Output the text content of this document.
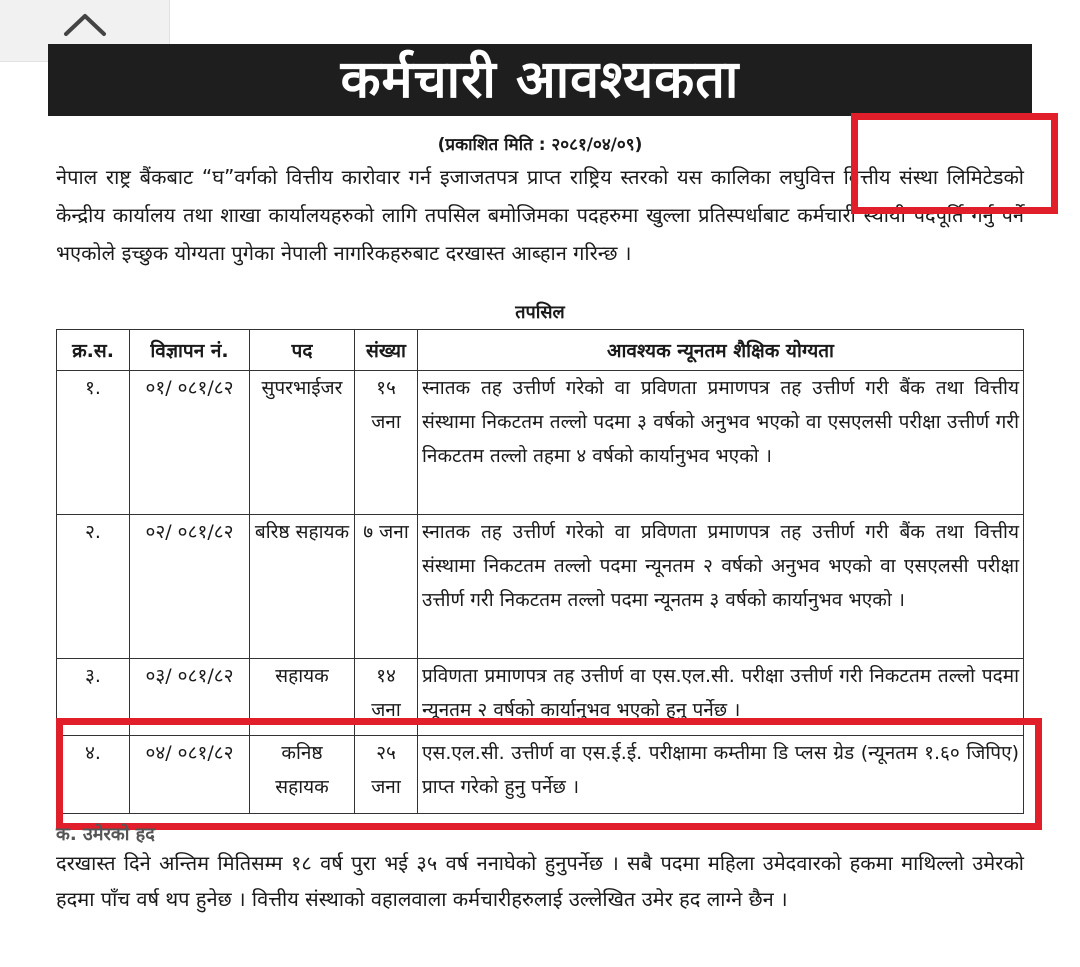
कर्मचारी आवश्यकता
(प्रकाशित मिति : २०८१/०४/०९)

नेपाल राष्ट्र बैंकबाट “घ”वर्गको वित्तीय कारोवार गर्न इजाजतपत्र प्राप्त राष्ट्रिय स्तरको यस कालिका लघुवित्त वित्तीय संस्था लिमिटेडको केन्द्रीय कार्यालय तथा शाखा कार्यालयहरुको लागि तपसिल बमोजिमका पदहरुमा खुल्ला प्रतिस्पर्धाबाट कर्मचारी स्थायी पदपूर्ति गर्नु पर्ने भएकोले इच्छुक योग्यता पुगेका नेपाली नागरिकहरुबाट दरखास्त आब्हान गरिन्छ ।

तपसिल
क्र.स.	विज्ञापन नं.	पद	संख्या	आवश्यक न्यूनतम शैक्षिक योग्यता
१.	०१/ ०८१/८२	सुपरभाईजर	१५ जना	स्नातक तह उत्तीर्ण गरेको वा प्रविणता प्रमाणपत्र तह उत्तीर्ण गरी बैंक तथा वित्तीय संस्थामा निकटतम तल्लो पदमा ३ वर्षको अनुभव भएको वा एसएलसी परीक्षा उत्तीर्ण गरी निकटतम तल्लो तहमा ४ वर्षको कार्यानुभव भएको ।
२.	०२/ ०८१/८२	बरिष्ठ सहायक	७ जना	स्नातक तह उत्तीर्ण गरेको वा प्रविणता प्रमाणपत्र तह उत्तीर्ण गरी बैंक तथा वित्तीय संस्थामा निकटतम तल्लो पदमा न्यूनतम २ वर्षको अनुभव भएको वा एसएलसी परीक्षा उत्तीर्ण गरी निकटतम तल्लो पदमा न्यूनतम ३ वर्षको कार्यानुभव भएको ।
३.	०३/ ०८१/८२	सहायक	१४ जना	प्रविणता प्रमाणपत्र तह उत्तीर्ण वा एस.एल.सी. परीक्षा उत्तीर्ण गरी निकटतम तल्लो पदमा न्यूनतम २ वर्षको कार्यानुभव भएको हुनु पर्नेछ ।
४.	०४/ ०८१/८२	कनिष्ठ सहायक	२५ जना	एस.एल.सी. उत्तीर्ण वा एस.ई.ई. परीक्षामा कम्तीमा डि प्लस ग्रेड (न्यूनतम १.६० जिपिए) प्राप्त गरेको हुनु पर्नेछ ।
क. उमेरको हद

दरखास्त दिने अन्तिम मितिसम्म १८ वर्ष पुरा भई ३५ वर्ष ननाघेको हुनुपर्नेछ । सबै पदमा महिला उमेदवारको हकमा माथिल्लो उमेरको हदमा पाँच वर्ष थप हुनेछ । वित्तीय संस्थाको वहालवाला कर्मचारीहरुलाई उल्लेखित उमेर हद लाग्ने छैन ।
